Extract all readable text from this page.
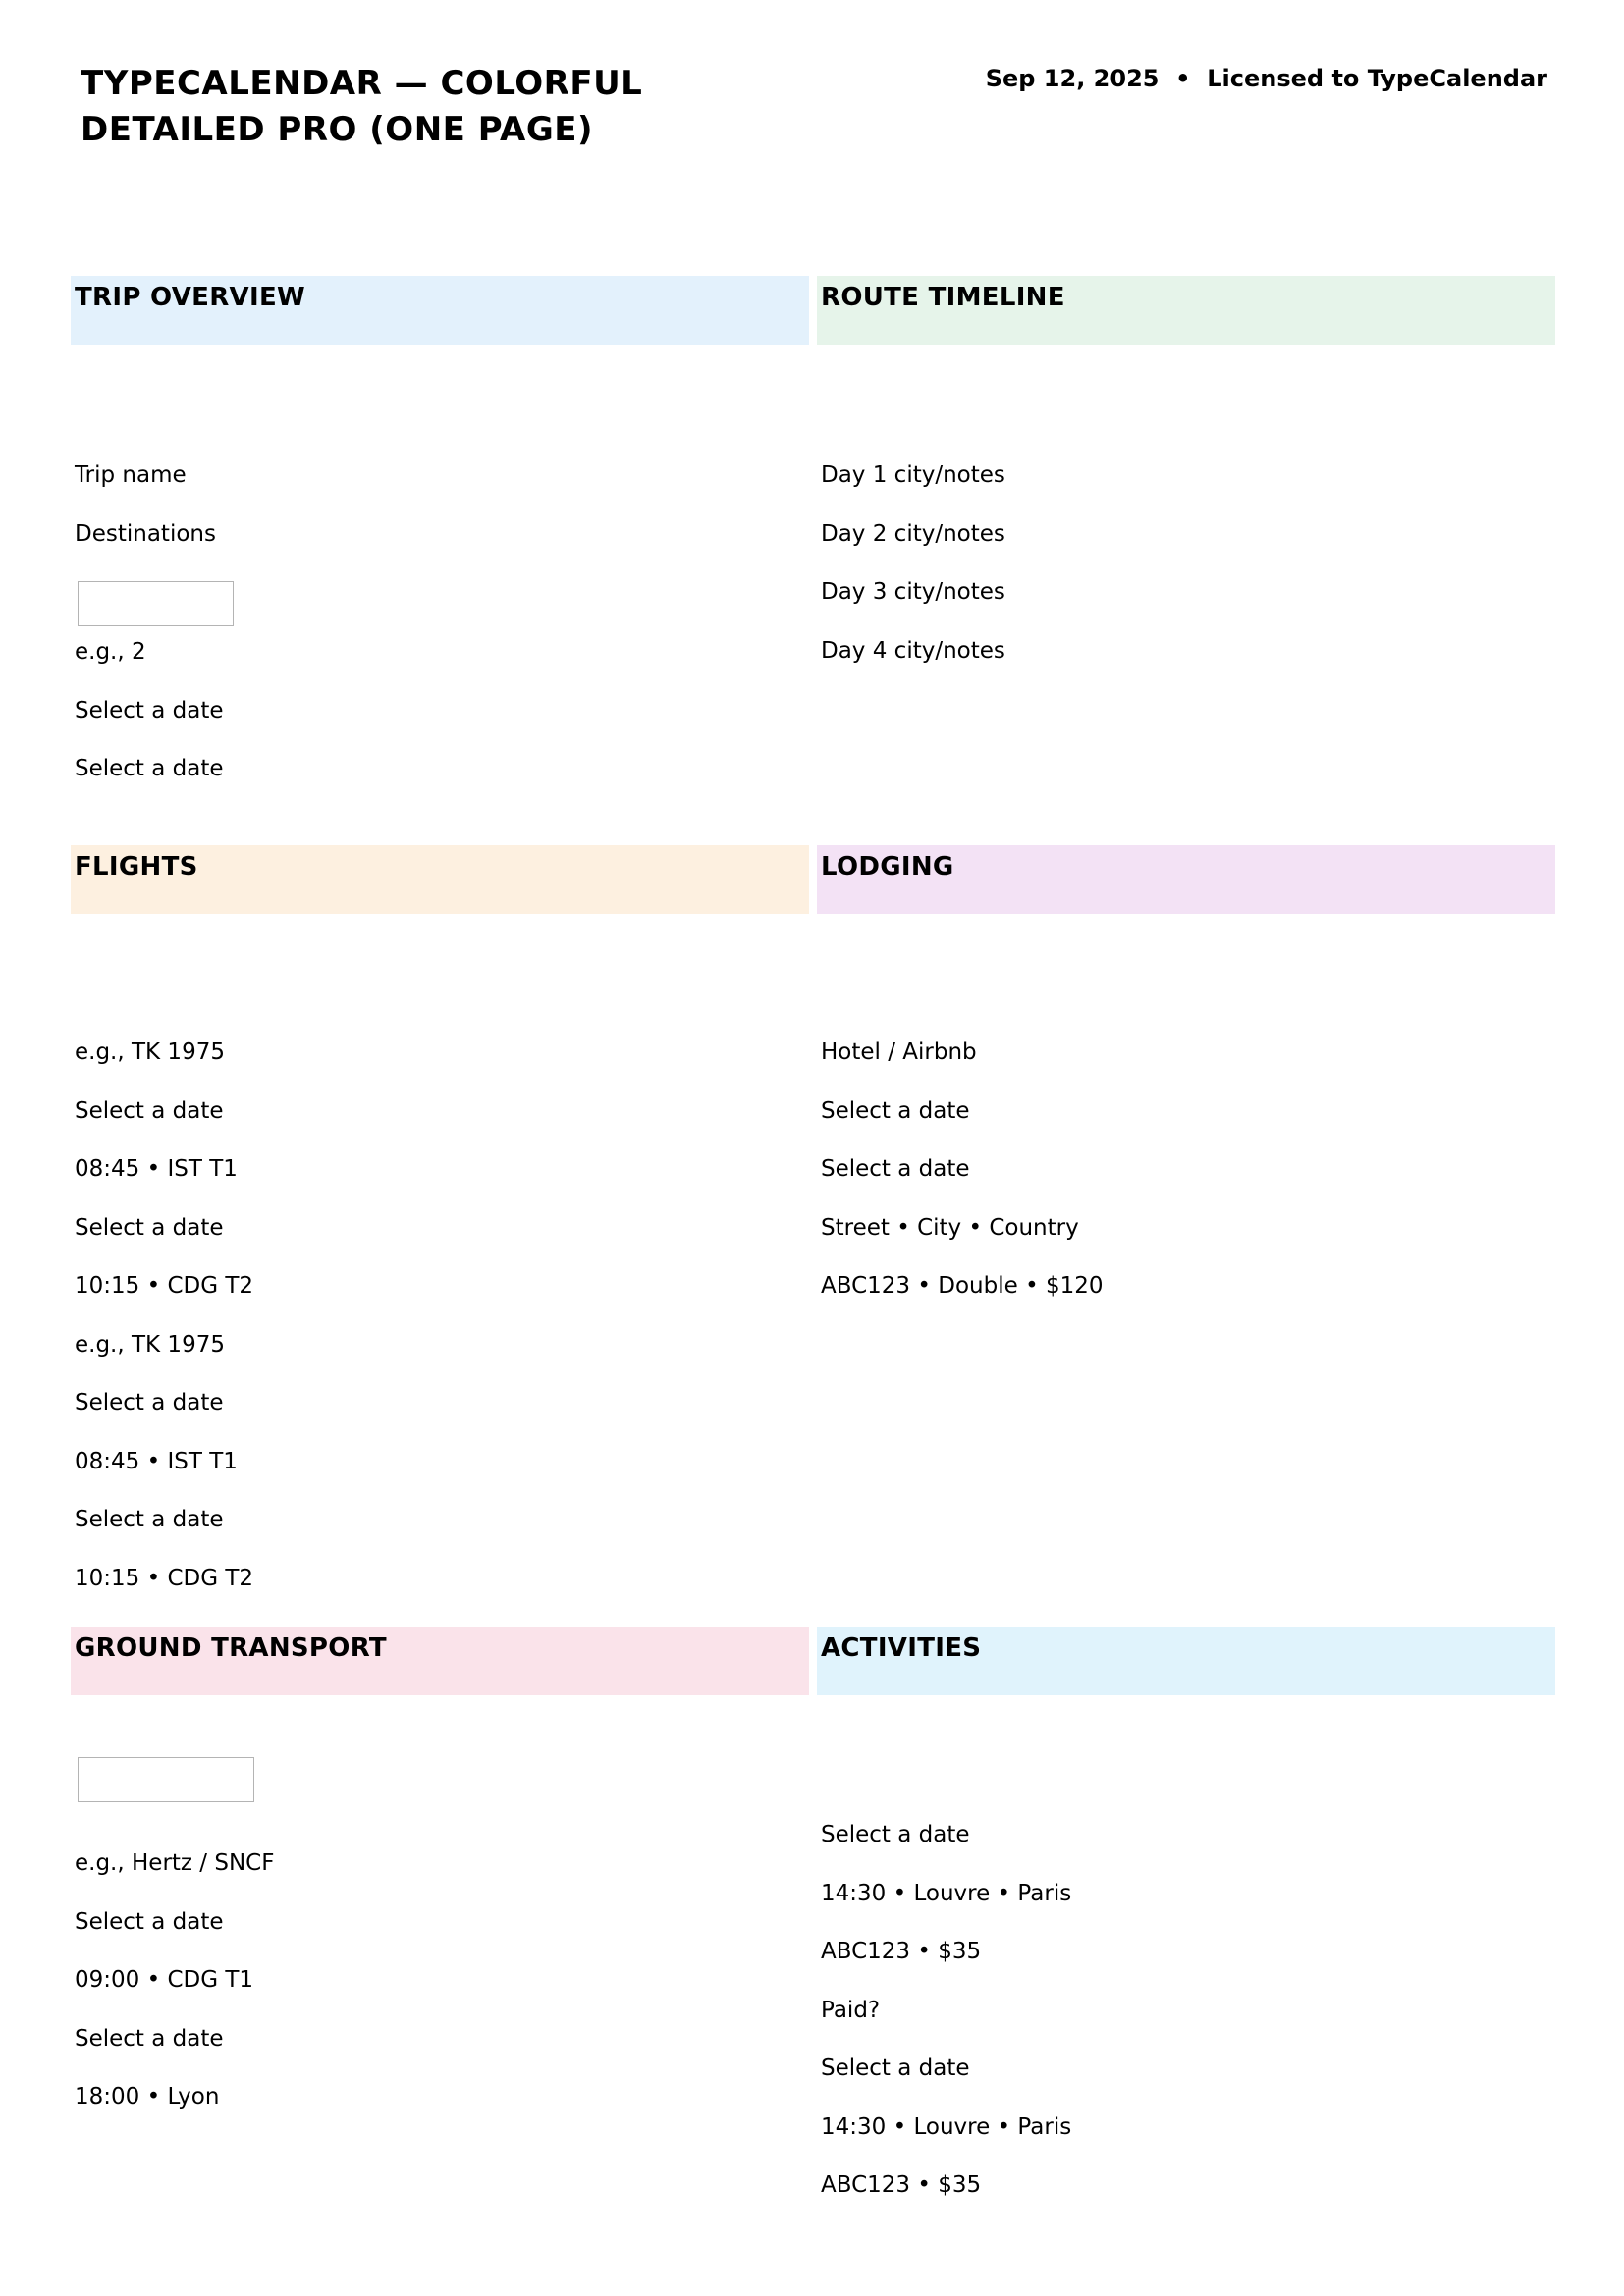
TYPECALENDAR — COLORFUL
DETAILED PRO (ONE PAGE)
Sep 12, 2025  •  Licensed to TypeCalendar
TRIP OVERVIEW
Trip name
Destinations
e.g., 2
Select a date
Select a date
ROUTE TIMELINE
Day 1 city/notes
Day 2 city/notes
Day 3 city/notes
Day 4 city/notes
FLIGHTS
e.g., TK 1975
Select a date
08:45 • IST T1
Select a date
10:15 • CDG T2
e.g., TK 1975
Select a date
08:45 • IST T1
Select a date
10:15 • CDG T2
LODGING
Hotel / Airbnb
Select a date
Select a date
Street • City • Country
ABC123 • Double • $120
GROUND TRANSPORT
e.g., Hertz / SNCF
Select a date
09:00 • CDG T1
Select a date
18:00 • Lyon
ACTIVITIES
Select a date
14:30 • Louvre • Paris
ABC123 • $35
Paid?
Select a date
14:30 • Louvre • Paris
ABC123 • $35
